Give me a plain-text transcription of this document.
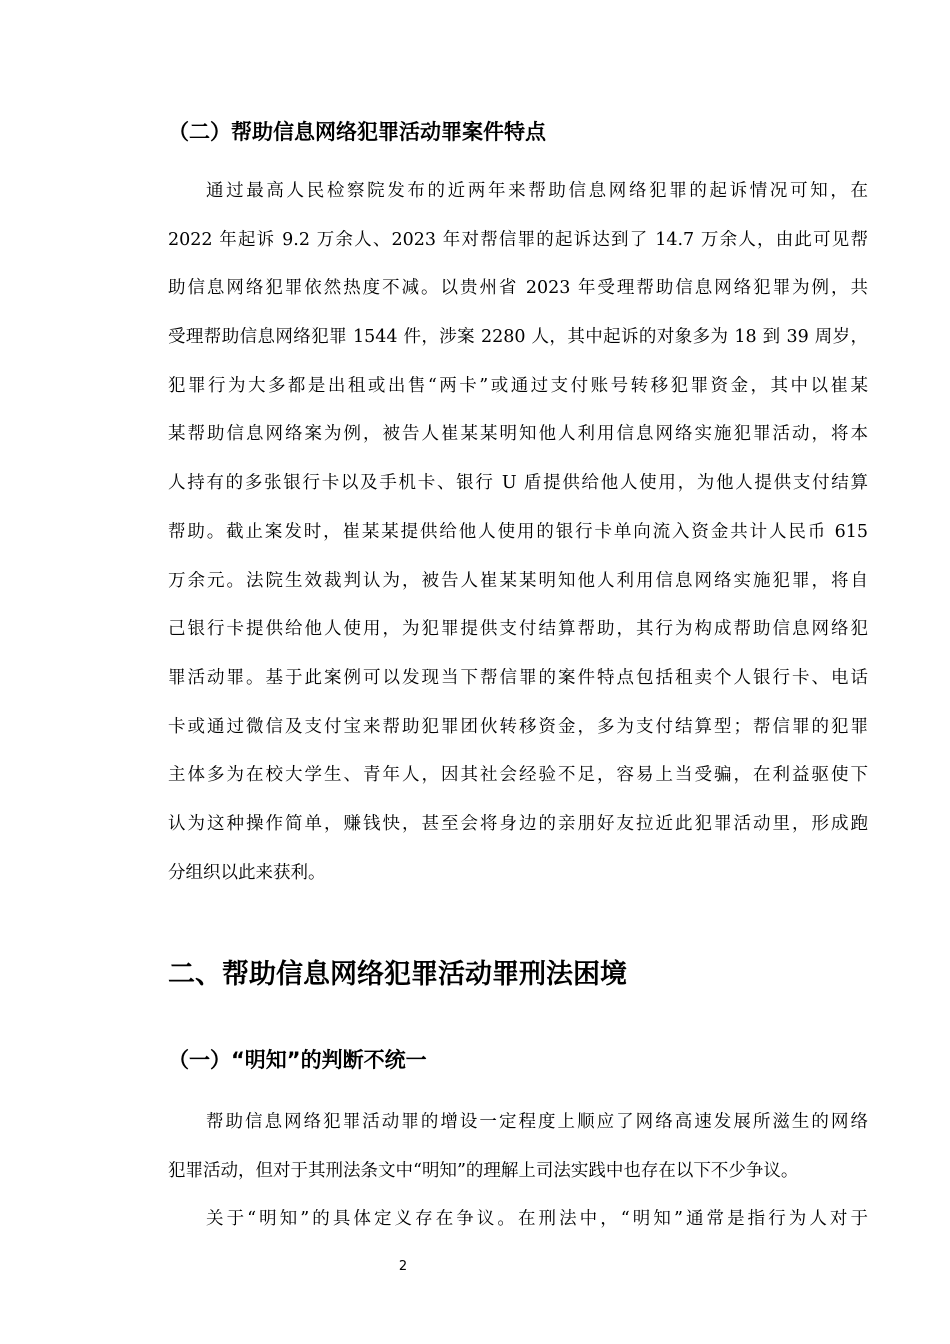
（二）帮助信息网络犯罪活动罪案件特点
通过最高人民检察院发布的近两年来帮助信息网络犯罪的起诉情况可知，在
2022 年起诉 9.2 万余人、2023 年对帮信罪的起诉达到了 14.7 万余人，由此可见帮
助信息网络犯罪依然热度不减。以贵州省 2023 年受理帮助信息网络犯罪为例，共
受理帮助信息网络犯罪 1544 件，涉案 2280 人，其中起诉的对象多为 18 到 39 周岁，
犯罪行为大多都是出租或出售“两卡”或通过支付账号转移犯罪资金，其中以崔某
某帮助信息网络案为例，被告人崔某某明知他人利用信息网络实施犯罪活动，将本
人持有的多张银行卡以及手机卡、银行 U 盾提供给他人使用，为他人提供支付结算
帮助。截止案发时，崔某某提供给他人使用的银行卡单向流入资金共计人民币 615
万余元。法院生效裁判认为，被告人崔某某明知他人利用信息网络实施犯罪，将自
己银行卡提供给他人使用，为犯罪提供支付结算帮助，其行为构成帮助信息网络犯
罪活动罪。基于此案例可以发现当下帮信罪的案件特点包括租卖个人银行卡、电话
卡或通过微信及支付宝来帮助犯罪团伙转移资金，多为支付结算型；帮信罪的犯罪
主体多为在校大学生、青年人，因其社会经验不足，容易上当受骗，在利益驱使下
认为这种操作简单，赚钱快，甚至会将身边的亲朋好友拉近此犯罪活动里，形成跑
分组织以此来获利。
二、帮助信息网络犯罪活动罪刑法困境
（一）“明知”的判断不统一
帮助信息网络犯罪活动罪的增设一定程度上顺应了网络高速发展所滋生的网络
犯罪活动，但对于其刑法条文中“明知”的理解上司法实践中也存在以下不少争议。
关于“明知”的具体定义存在争议。在刑法中，“明知”通常是指行为人对于
2
